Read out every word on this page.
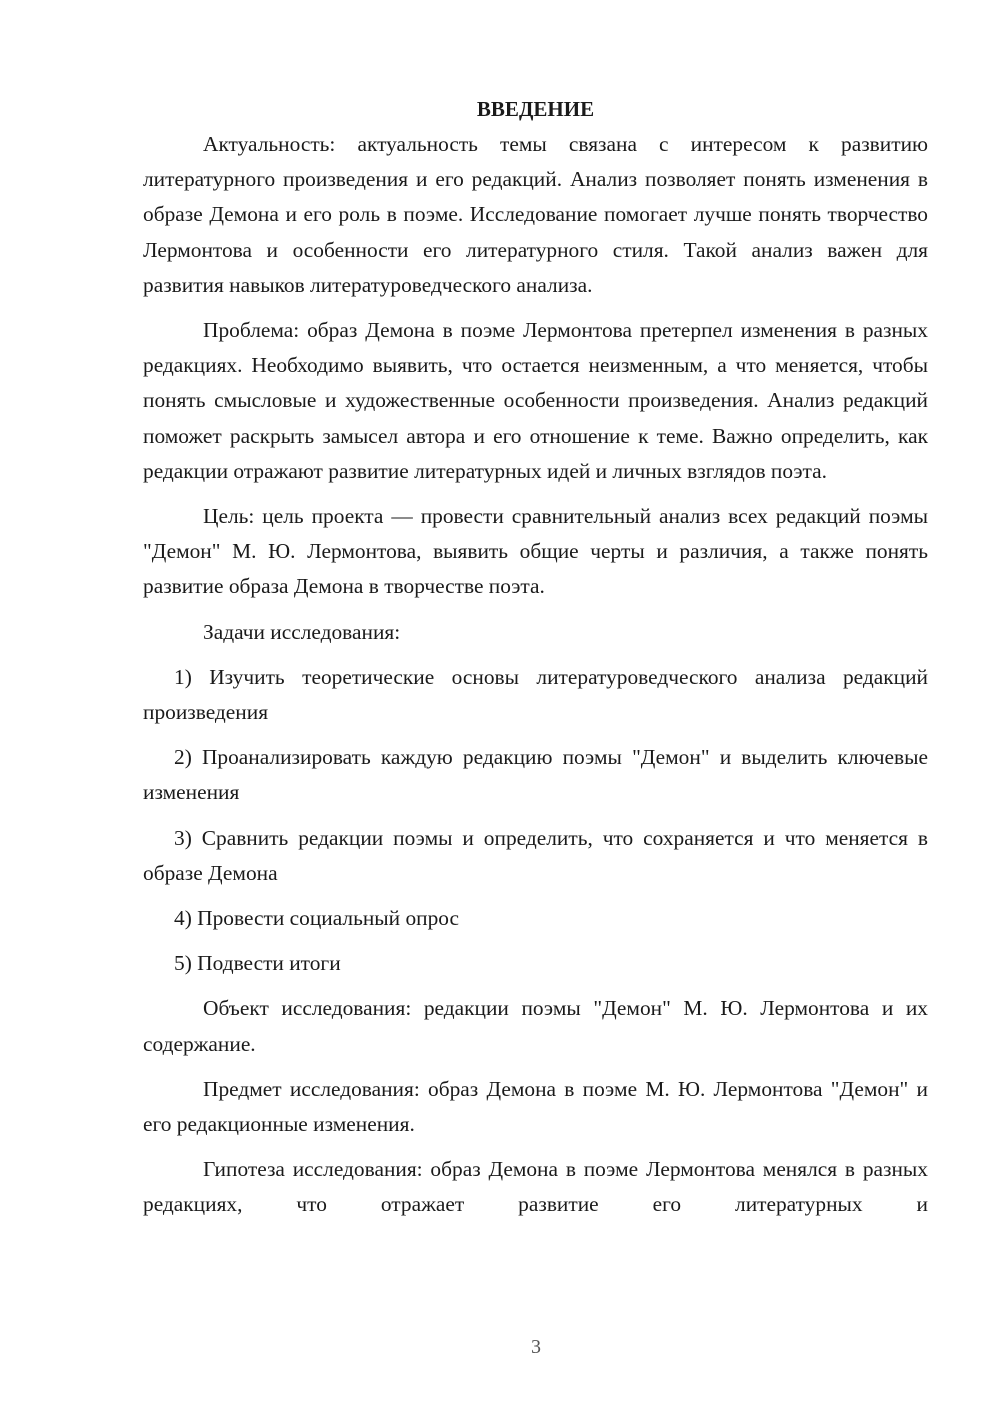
ВВЕДЕНИЕ

Актуальность: актуальность темы связана с интересом к развитию литературного произведения и его редакций. Анализ позволяет понять изменения в образе Демона и его роль в поэме. Исследование помогает лучше понять творчество Лермонтова и особенности его литературного стиля. Такой анализ важен для развития навыков литературоведческого анализа.

Проблема: образ Демона в поэме Лермонтова претерпел изменения в разных редакциях. Необходимо выявить, что остается неизменным, а что меняется, чтобы понять смысловые и художественные особенности произведения. Анализ редакций поможет раскрыть замысел автора и его отношение к теме. Важно определить, как редакции отражают развитие литературных идей и личных взглядов поэта.

Цель: цель проекта — провести сравнительный анализ всех редакций поэмы "Демон" М. Ю. Лермонтова, выявить общие черты и различия, а также понять развитие образа Демона в творчестве поэта.

Задачи исследования:

1) Изучить теоретические основы литературоведческого анализа редакций произведения

2) Проанализировать каждую редакцию поэмы "Демон" и выделить ключевые изменения

3) Сравнить редакции поэмы и определить, что сохраняется и что меняется в образе Демона

4) Провести социальный опрос

5) Подвести итоги

Объект исследования: редакции поэмы "Демон" М. Ю. Лермонтова и их содержание.

Предмет исследования: образ Демона в поэме М. Ю. Лермонтова "Демон" и его редакционные изменения.

Гипотеза исследования: образ Демона в поэме Лермонтова менялся в разных редакциях, что отражает развитие его литературных и

3
